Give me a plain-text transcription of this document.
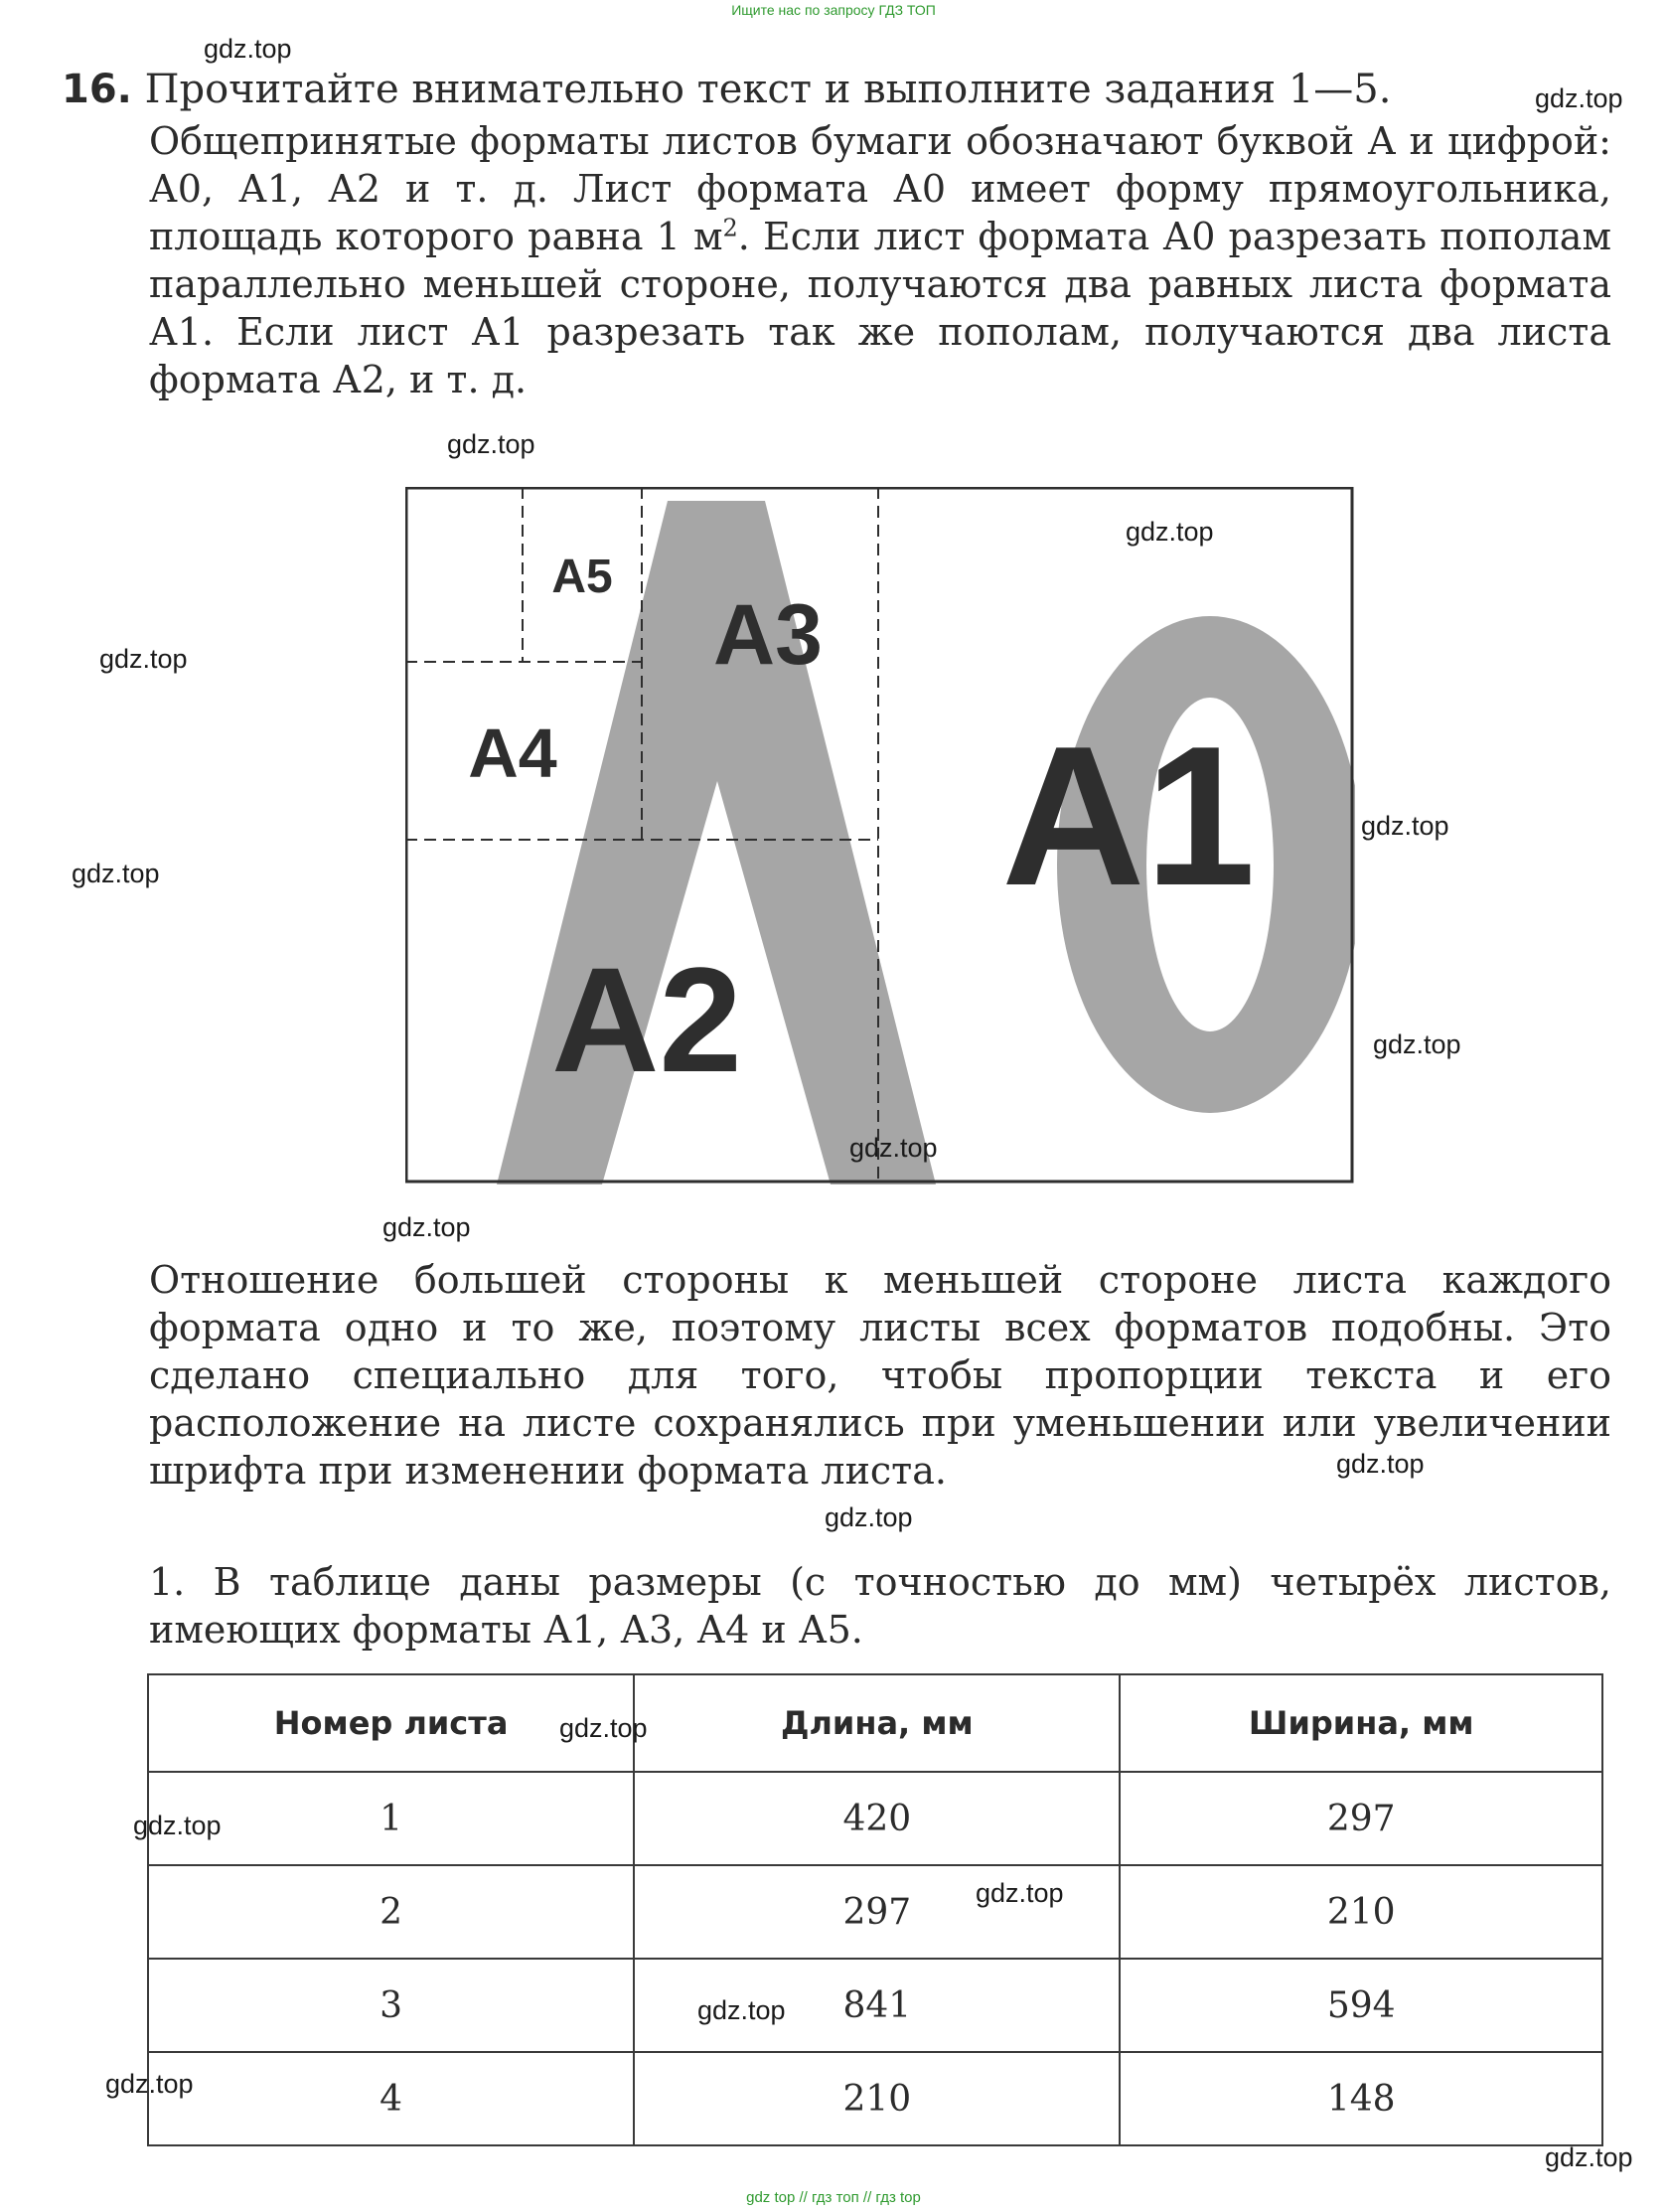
Ищите нас по запросу ГДЗ ТОП
16. Прочитайте внимательно текст и выполните задания 1—5.
Общепринятые форматы листов бумаги обозначают буквой А и цифрой: А0, А1, А2 и т. д. Лист формата А0 имеет форму прямоугольника, площадь которого равна 1 $м^2$. Если лист формата А0 разрезать пополам параллельно меньшей стороне, получаются два равных листа формата А1. Если лист А1 разрезать так же пополам, получаются два листа формата А2, и т. д.
A5
A3
A4
A2
A1
Отношение большей стороны к меньшей стороне листа каждого формата одно и то же, поэтому листы всех форматов подобны. Это сделано специально для того, чтобы пропорции текста и его расположение на листе сохранялись при уменьшении или увеличении шрифта при изменении формата листа.
1. В таблице даны размеры (с точностью до мм) четырёх листов, имеющих форматы А1, А3, А4 и А5.
Номер листа	Длина, мм	Ширина, мм
1	420	297
2	297	210
3	841	594
4	210	148
gdz.top
gdz.top
gdz.top
gdz.top
gdz.top
gdz.top
gdz.top
gdz.top
gdz.top
gdz.top
gdz.top
gdz.top
gdz.top
gdz.top
gdz.top
gdz.top
gdz.top
gdz.top
gdz top // гдз топ // гдз top
